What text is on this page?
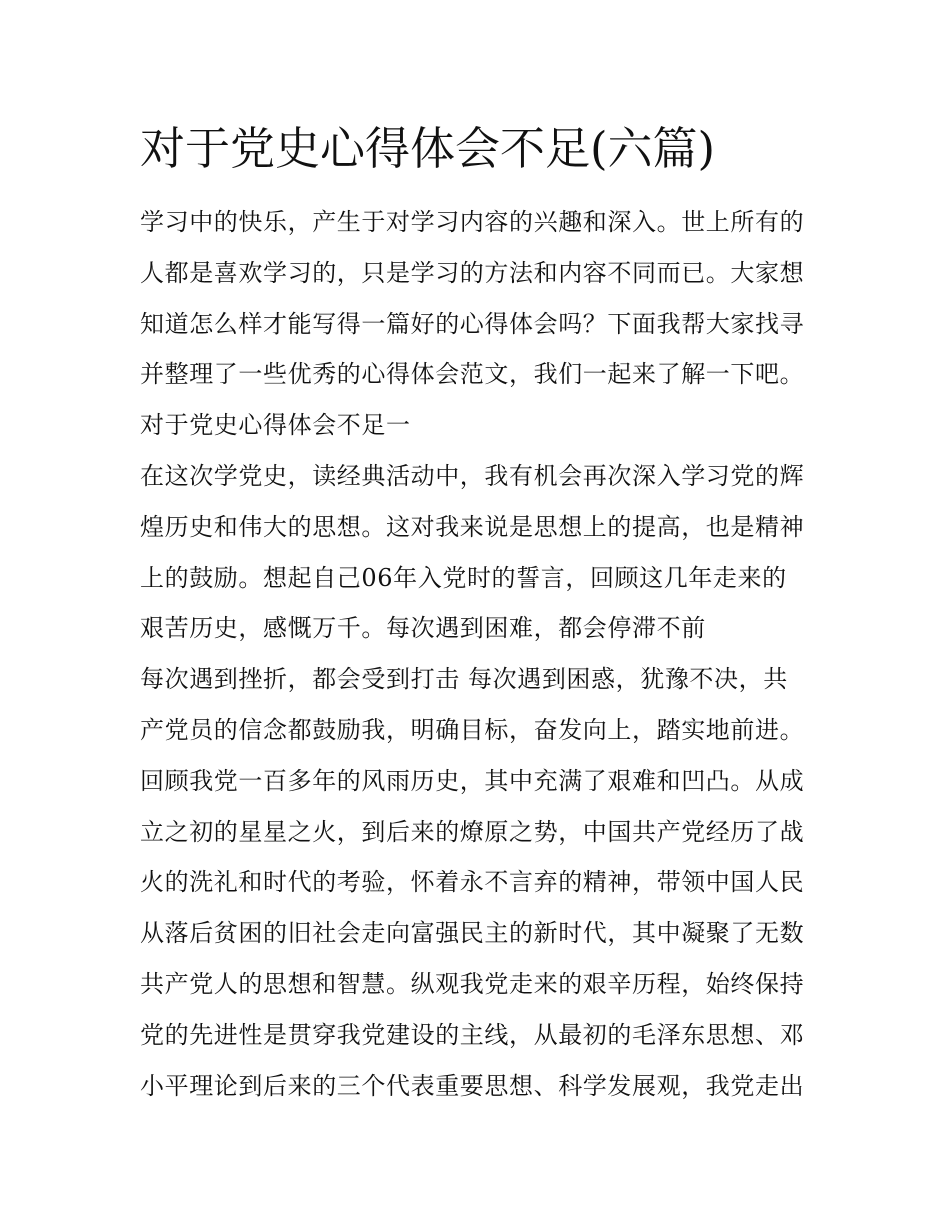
对于党史心得体会不足(六篇)
学习中的快乐，产生于对学习内容的兴趣和深入。世上所有的
人都是喜欢学习的，只是学习的方法和内容不同而已。大家想
知道怎么样才能写得一篇好的心得体会吗？下面我帮大家找寻
并整理了一些优秀的心得体会范文，我们一起来了解一下吧。
对于党史心得体会不足一
在这次学党史，读经典活动中，我有机会再次深入学习党的辉
煌历史和伟大的思想。这对我来说是思想上的提高，也是精神
上的鼓励。想起自己06年入党时的誓言，回顾这几年走来的
艰苦历史，感慨万千。每次遇到困难，都会停滞不前
每次遇到挫折，都会受到打击 每次遇到困惑，犹豫不决，共
产党员的信念都鼓励我，明确目标，奋发向上，踏实地前进。
回顾我党一百多年的风雨历史，其中充满了艰难和凹凸。从成
立之初的星星之火，到后来的燎原之势，中国共产党经历了战
火的洗礼和时代的考验，怀着永不言弃的精神，带领中国人民
从落后贫困的旧社会走向富强民主的新时代，其中凝聚了无数
共产党人的思想和智慧。纵观我党走来的艰辛历程，始终保持
党的先进性是贯穿我党建设的主线，从最初的毛泽东思想、邓
小平理论到后来的三个代表重要思想、科学发展观，我党走出
